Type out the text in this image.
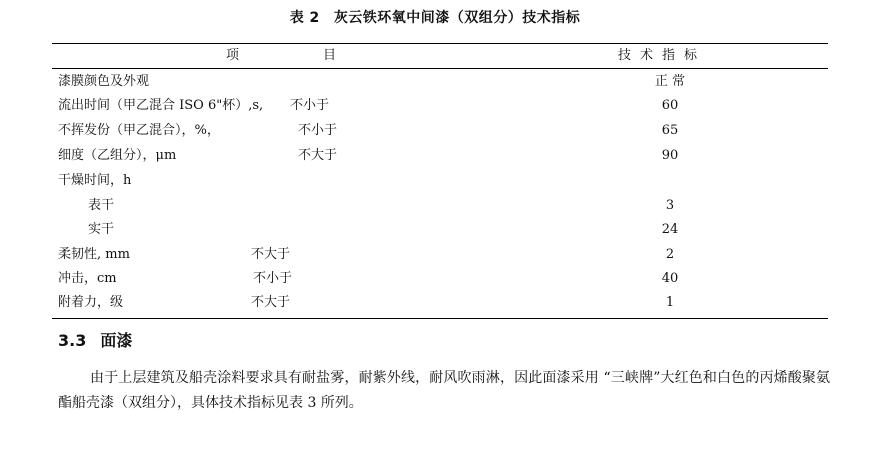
表 2 灰云铁环氧中间漆（双组分）技术指标
项	目	技术指标
漆膜颜色及外观	正 常
流出时间（甲乙混合 ISO 6"杯）,s, 不小于	60
不挥发份（甲乙混合），%，	不小于	65
细度（乙组分），μm	不大于	90
干燥时间，h
表干	3
实干	24
柔韧性, mm	不大于	2
冲击，cm	不小于	40
附着力，级	不大于	1
3.3 面漆
由于上层建筑及船壳涂料要求具有耐盐雾，耐紫外线，耐风吹雨淋，因此面漆采用 “三峡牌”大红色和白色的丙烯酸聚氨酯船壳漆（双组分），具体技术指标见表 3 所列。
